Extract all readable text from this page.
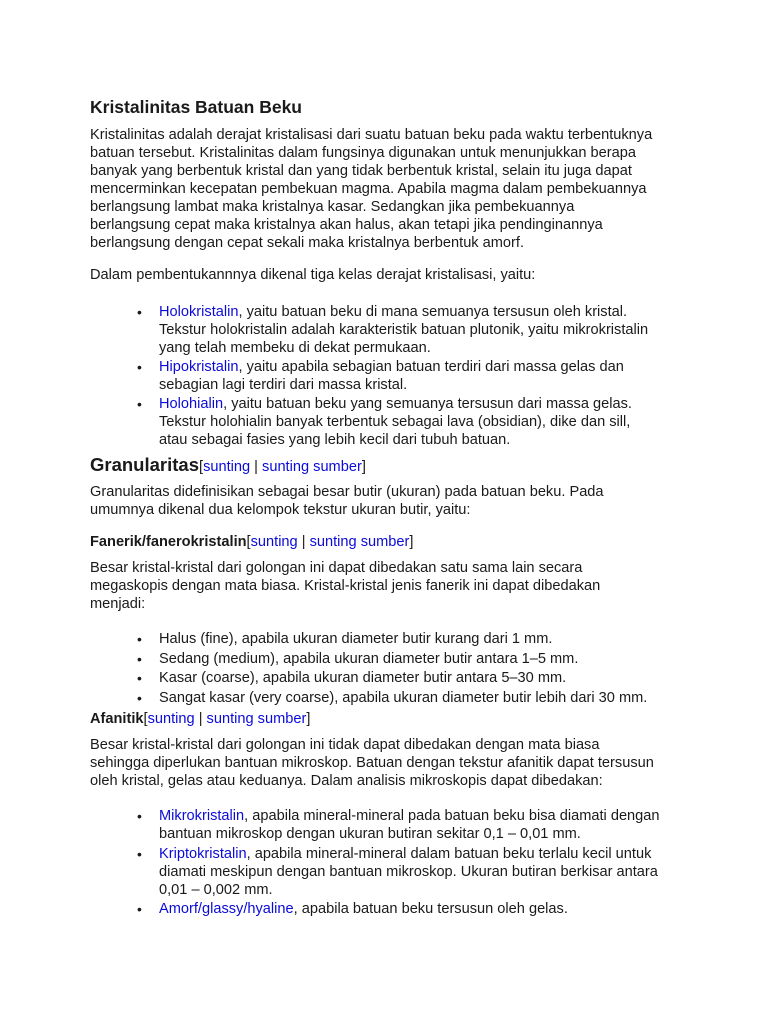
Kristalinitas Batuan Beku
Kristalinitas adalah derajat kristalisasi dari suatu batuan beku pada waktu terbentuknya
batuan tersebut. Kristalinitas dalam fungsinya digunakan untuk menunjukkan berapa
banyak yang berbentuk kristal dan yang tidak berbentuk kristal, selain itu juga dapat
mencerminkan kecepatan pembekuan magma. Apabila magma dalam pembekuannya
berlangsung lambat maka kristalnya kasar. Sedangkan jika pembekuannya
berlangsung cepat maka kristalnya akan halus, akan tetapi jika pendinginannya
berlangsung dengan cepat sekali maka kristalnya berbentuk amorf.
Dalam pembentukannnya dikenal tiga kelas derajat kristalisasi, yaitu:
• Holokristalin, yaitu batuan beku di mana semuanya tersusun oleh kristal.
Tekstur holokristalin adalah karakteristik batuan plutonik, yaitu mikrokristalin
yang telah membeku di dekat permukaan.
• Hipokristalin, yaitu apabila sebagian batuan terdiri dari massa gelas dan
sebagian lagi terdiri dari massa kristal.
• Holohialin, yaitu batuan beku yang semuanya tersusun dari massa gelas.
Tekstur holohialin banyak terbentuk sebagai lava (obsidian), dike dan sill,
atau sebagai fasies yang lebih kecil dari tubuh batuan.
Granularitas[sunting | sunting sumber]
Granularitas didefinisikan sebagai besar butir (ukuran) pada batuan beku. Pada
umumnya dikenal dua kelompok tekstur ukuran butir, yaitu:
Fanerik/fanerokristalin[sunting | sunting sumber]
Besar kristal-kristal dari golongan ini dapat dibedakan satu sama lain secara
megaskopis dengan mata biasa. Kristal-kristal jenis fanerik ini dapat dibedakan
menjadi:
• Halus (fine), apabila ukuran diameter butir kurang dari 1 mm.
• Sedang (medium), apabila ukuran diameter butir antara 1–5 mm.
• Kasar (coarse), apabila ukuran diameter butir antara 5–30 mm.
• Sangat kasar (very coarse), apabila ukuran diameter butir lebih dari 30 mm.
Afanitik[sunting | sunting sumber]
Besar kristal-kristal dari golongan ini tidak dapat dibedakan dengan mata biasa
sehingga diperlukan bantuan mikroskop. Batuan dengan tekstur afanitik dapat tersusun
oleh kristal, gelas atau keduanya. Dalam analisis mikroskopis dapat dibedakan:
• Mikrokristalin, apabila mineral-mineral pada batuan beku bisa diamati dengan
bantuan mikroskop dengan ukuran butiran sekitar 0,1 – 0,01 mm.
• Kriptokristalin, apabila mineral-mineral dalam batuan beku terlalu kecil untuk
diamati meskipun dengan bantuan mikroskop. Ukuran butiran berkisar antara
0,01 – 0,002 mm.
• Amorf/glassy/hyaline, apabila batuan beku tersusun oleh gelas.
